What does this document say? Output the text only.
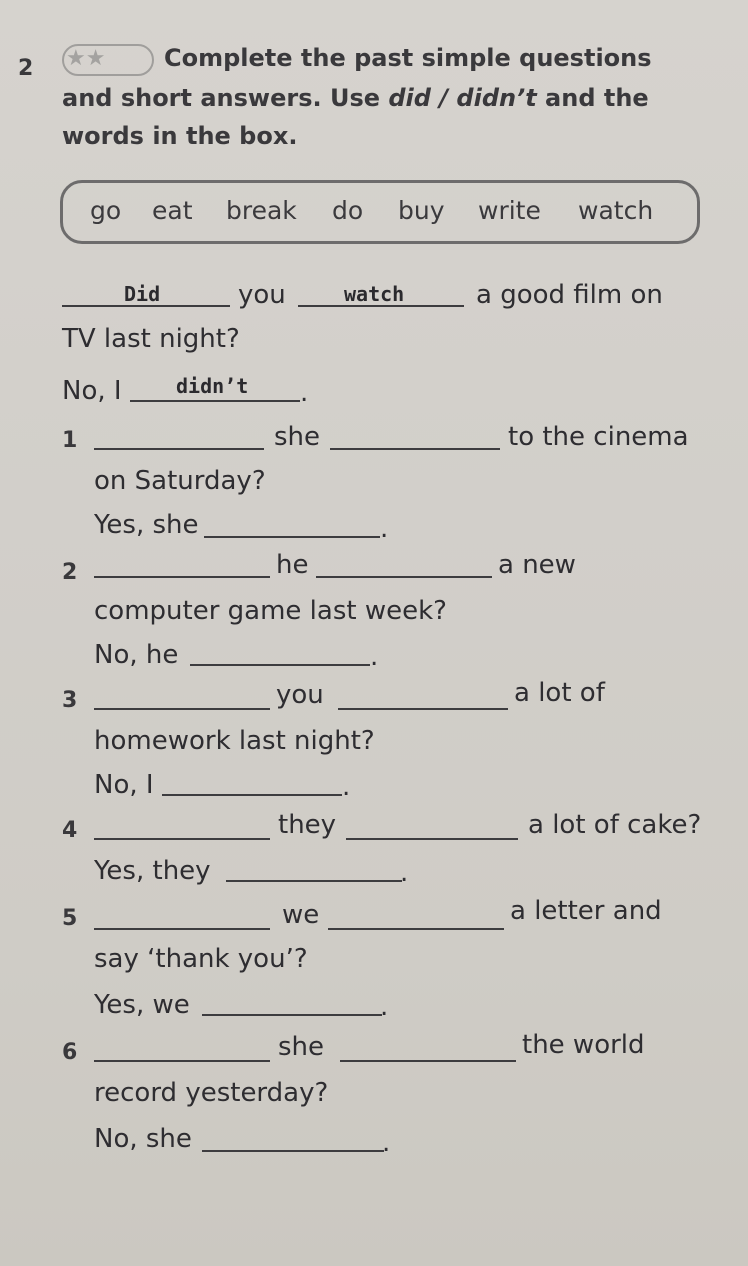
2 ★★	Complete the past simple questions
and short answers. Use did / didn’t and the
words in the box.
go eat break do buy write watch
Did	you	watch	a good film on
TV last night?
No, I	didn’t .
1	she	to the cinema
on Saturday?
Yes, she	.
2	he	a new
computer game last week?
No, he	.
3	you	a lot of
homework last night?
No, I	.
4	they	a lot of cake?
Yes, they	.
5	we	a letter and
say ‘thank you’?
Yes, we	.
6	she	the world
record yesterday?
No, she	.
